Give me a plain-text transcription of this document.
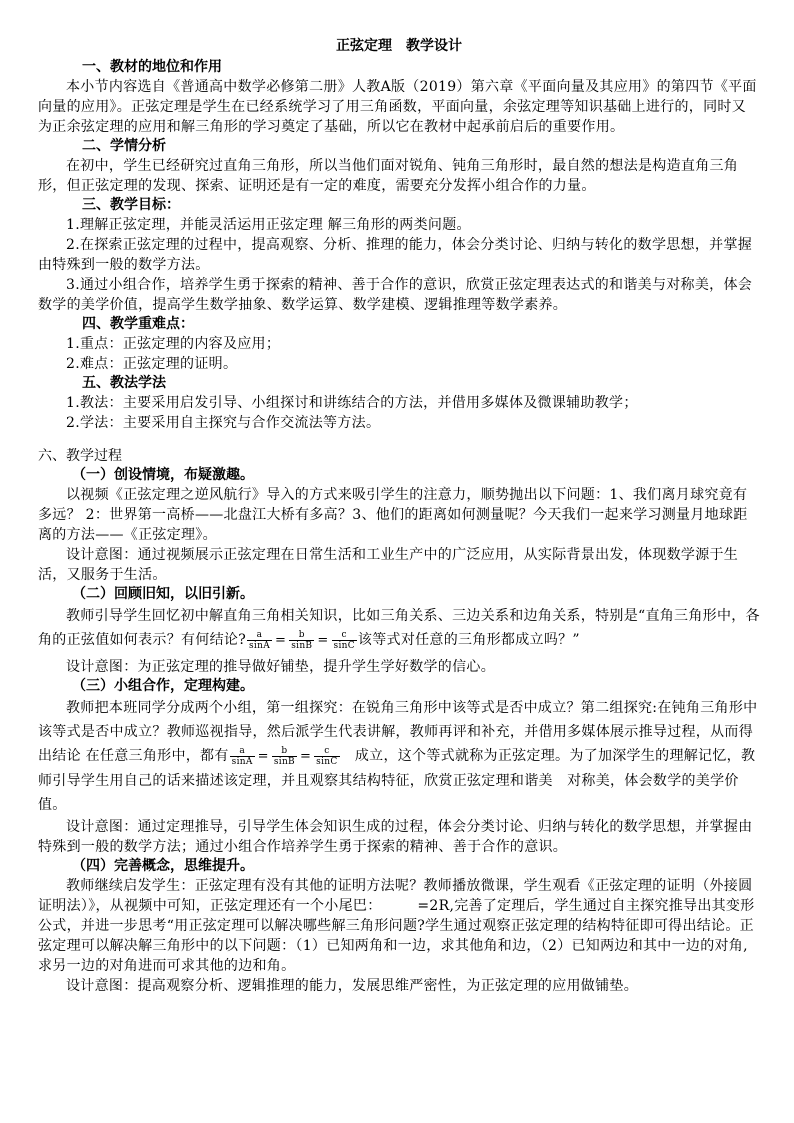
正弦定理　教学设计
一、教材的地位和作用

本小节内容选自《普通高中数学必修第二册》人教A版（2019）第六章《平面向量及其应用》的第四节《平面向量的应用》。正弦定理是学生在已经系统学习了用三角函数，平面向量，余弦定理等知识基础上进行的，同时又为正余弦定理的应用和解三角形的学习奠定了基础，所以它在教材中起承前启后的重要作用。

二、学情分析

在初中，学生已经研究过直角三角形，所以当他们面对锐角、钝角三角形时，最自然的想法是构造直角三角形，但正弦定理的发现、探索、证明还是有一定的难度，需要充分发挥小组合作的力量。

三、教学目标：

1.理解正弦定理，并能灵活运用正弦定理 解三角形的两类问题。

2.在探索正弦定理的过程中，提高观察、分析、推理的能力，体会分类讨论、归纳与转化的数学思想，并掌握由特殊到一般的数学方法。

3.通过小组合作，培养学生勇于探索的精神、善于合作的意识，欣赏正弦定理表达式的和谐美与对称美，体会数学的美学价值，提高学生数学抽象、数学运算、数学建模、逻辑推理等数学素养。

四、教学重难点：

1.重点：正弦定理的内容及应用；

2.难点：正弦定理的证明。

五、教法学法

1.教法：主要采用启发引导、小组探讨和讲练结合的方法，并借用多媒体及微课辅助教学；

2.学法：主要采用自主探究与合作交流法等方法。

六、教学过程
（一）创设情境，布疑激趣。

以视频《正弦定理之逆风航行》导入的方式来吸引学生的注意力，顺势抛出以下问题：1、我们离月球究竟有多远？ 2：世界第一高桥——北盘江大桥有多高？3、他们的距离如何测量呢？今天我们一起来学习测量月地球距离的方法——《正弦定理》。

设计意图：通过视频展示正弦定理在日常生活和工业生产中的广泛应用，从实际背景出发，体现数学源于生活，又服务于生活。

（二）回顾旧知，以旧引新。

教师引导学生回忆初中解直角三角相关知识，比如三角关系、三边关系和边角关系，特别是“直角三角形中，各角的正弦值如何表示？有何结论? $\frac{a}{\sin A} = \frac{b}{\sin B} = \frac{c}{\sin C}$ 该等式对任意的三角形都成立吗？”

设计意图：为正弦定理的推导做好铺垫，提升学生学好数学的信心。

（三）小组合作，定理构建。

教师把本班同学分成两个小组，第一组探究：在锐角三角形中该等式是否中成立？第二组探究:在钝角三角形中该等式是否中成立？教师巡视指导，然后派学生代表讲解，教师再评和补充，并借用多媒体展示推导过程，从而得出结论 在任意三角形中，都有 $\frac{a}{\sin A} = \frac{b}{\sin B} = \frac{c}{\sin C}$ 　成立，这个等式就称为正弦定理。为了加深学生的理解记忆，教师引导学生用自己的话来描述该定理，并且观察其结构特征，欣赏正弦定理和谐美　对称美，体会数学的美学价值。

设计意图：通过定理推导，引导学生体会知识生成的过程，体会分类讨论、归纳与转化的数学思想，并掌握由特殊到一般的数学方法；通过小组合作培养学生勇于探索的精神、善于合作的意识。

（四）完善概念，思维提升。

教师继续启发学生：正弦定理有没有其他的证明方法呢？教师播放微课，学生观看《正弦定理的证明（外接圆证明法）》，从视频中可知，正弦定理还有一个小尾巴：　　　=2R,完善了定理后，学生通过自主探究推导出其变形公式，并进一步思考“用正弦定理可以解决哪些解三角形问题?学生通过观察正弦定理的结构特征即可得出结论。正弦定理可以解决解三角形中的以下问题：（1）已知两角和一边，求其他角和边，（2）已知两边和其中一边的对角,求另一边的对角进而可求其他的边和角。

设计意图：提高观察分析、逻辑推理的能力，发展思维严密性，为正弦定理的应用做铺垫。
